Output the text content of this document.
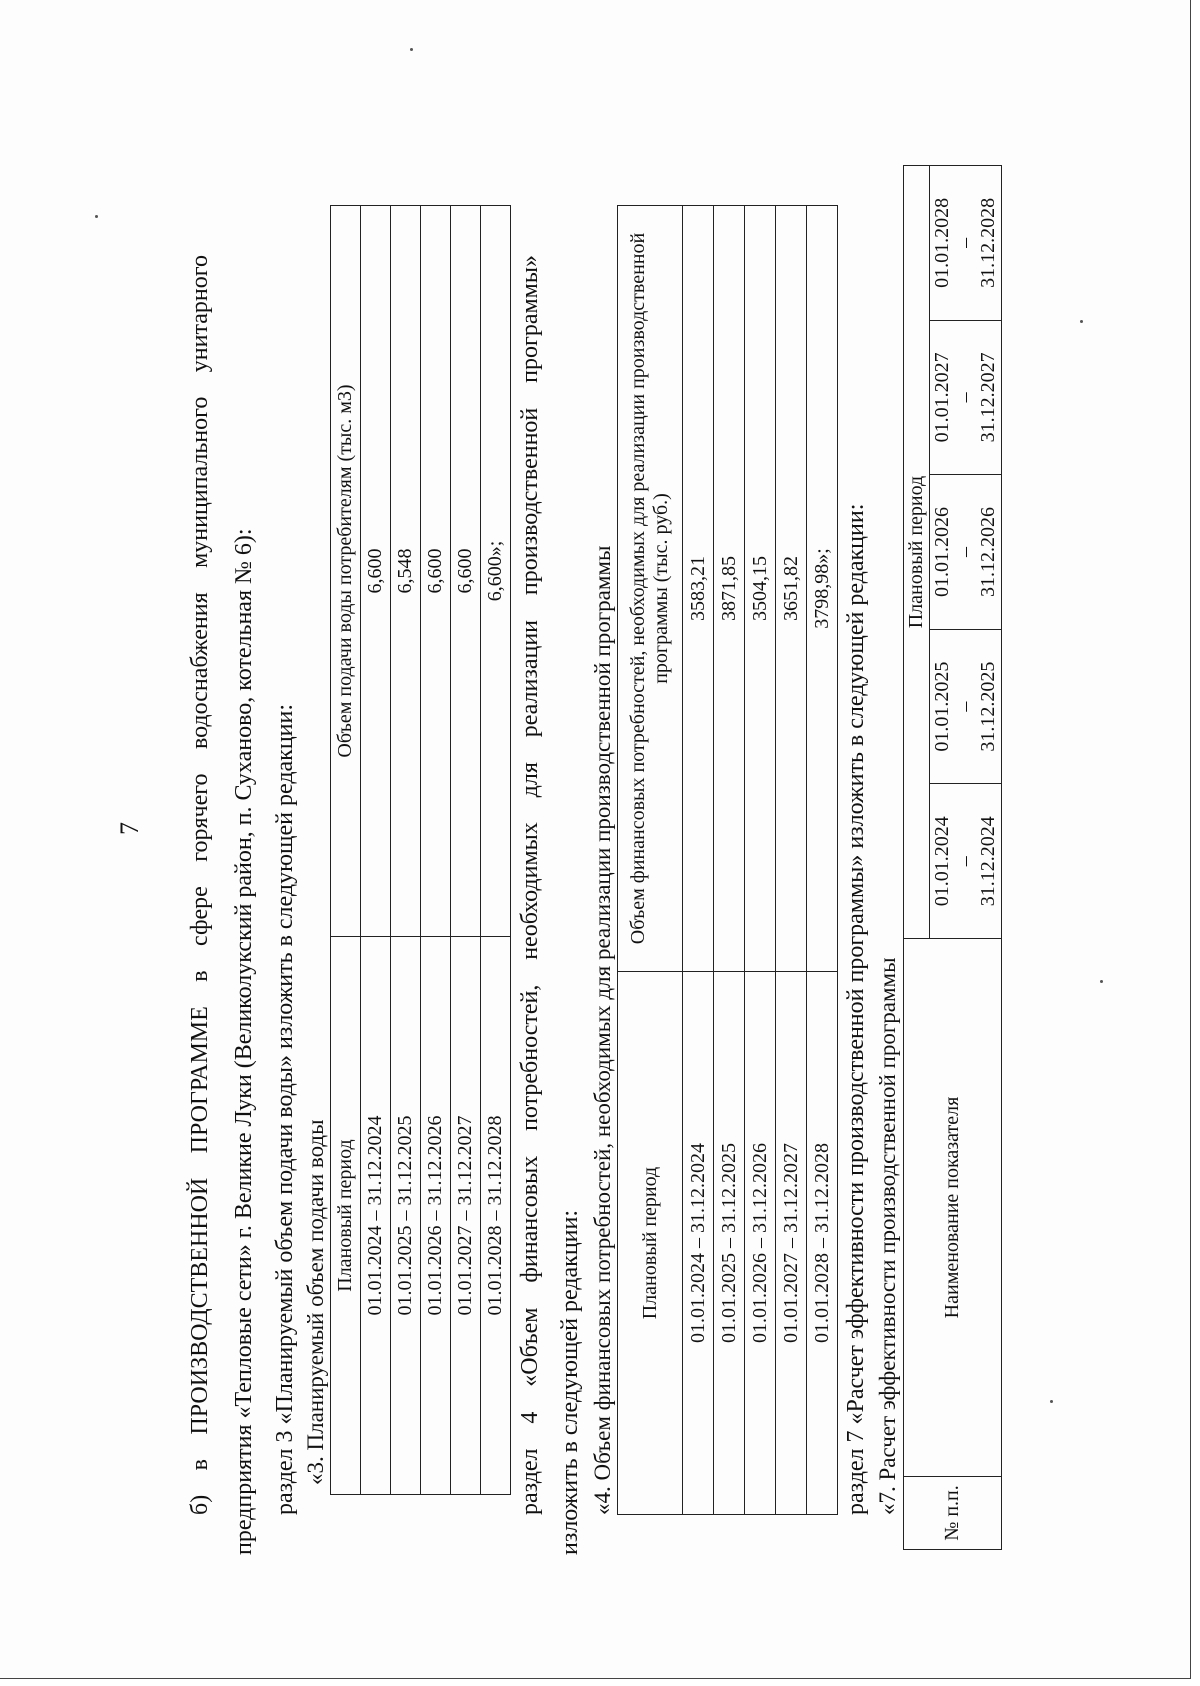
7 б) в ПРОИЗВОДСТВЕННОЙ ПРОГРАММЕ в сфере горячего водоснабжения муниципального унитарного предприятия «Тепловые сети» г. Великие Луки (Великолукский район, п. Суханово, котельная № 6): раздел 3 «Планируемый объем подачи воды» изложить в следующей редакции: «3. Планируемый объем подачи воды Плановый период	Объем подачи воды потребителям (тыс. м3)
01.01.2024 – 31.12.2024	6,600
01.01.2025 – 31.12.2025	6,548
01.01.2026 – 31.12.2026	6,600
01.01.2027 – 31.12.2027	6,600
01.01.2028 – 31.12.2028	6,600»; раздел 4 «Объем финансовых потребностей, необходимых для реализации производственной программы» изложить в следующей редакции: «4. Объем финансовых потребностей, необходимых для реализации производственной программы Плановый период	Объем финансовых потребностей, необходимых для реализации производственной программы (тыс. руб.)
01.01.2024 – 31.12.2024	3583,21
01.01.2025 – 31.12.2025	3871,85
01.01.2026 – 31.12.2026	3504,15
01.01.2027 – 31.12.2027	3651,82
01.01.2028 – 31.12.2028	3798,98»; раздел 7 «Расчет эффективности производственной программы» изложить в следующей редакции: «7. Расчет эффективности производственной программы № п.п.	Наименование показателя	Плановый период				

		01.01.2024 – 31.12.2024	01.01.2025 – 31.12.2025	01.01.2026 – 31.12.2026	01.01.2027 – 31.12.2027	01.01.2028 – 31.12.2028
